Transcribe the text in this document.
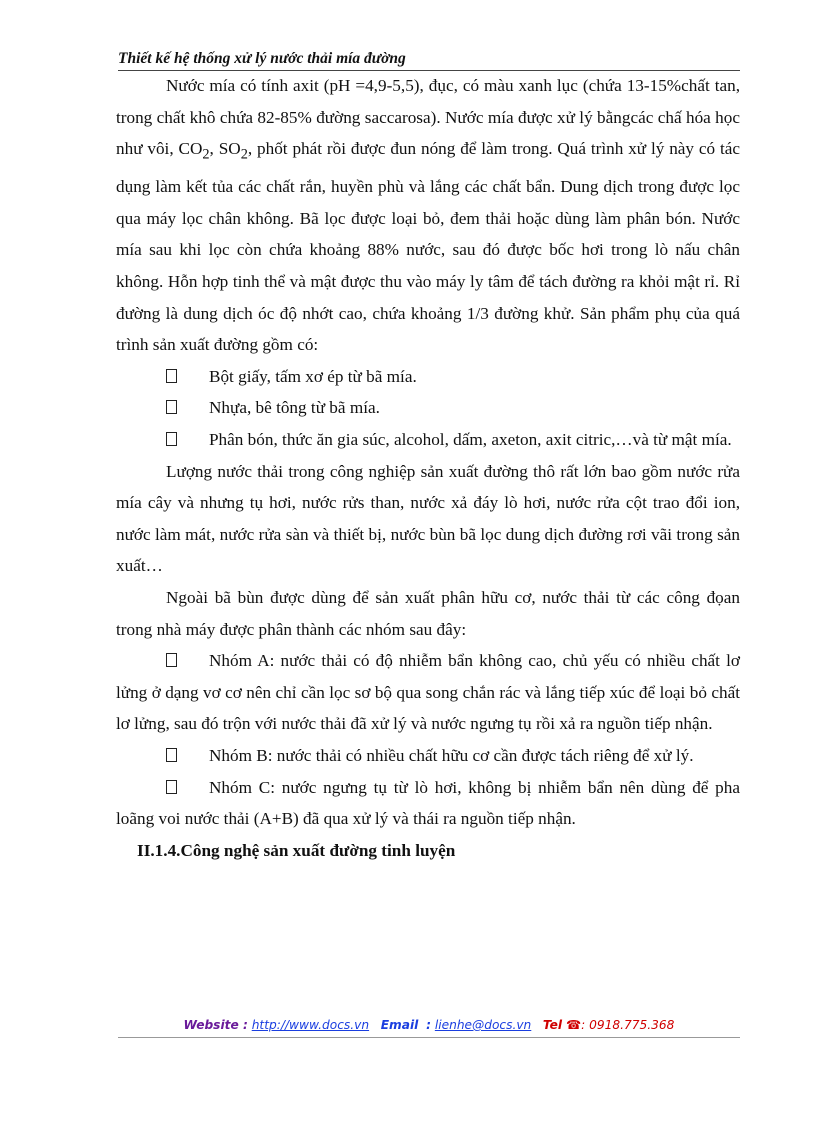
Thiết kế hệ thống xử lý nước thải mía đường

Nước mía có tính axit (pH =4,9-5,5), đục, có màu xanh lục (chứa 13-15%chất tan, trong chất khô chứa 82-85% đường saccarosa). Nước mía được xử lý bằngcác chấ hóa học như vôi, $CO_2$, $SO_2$, phốt phát rồi được đun nóng để làm trong. Quá trình xử lý này có tác dụng làm kết tủa các chất rắn, huyền phù và lắng các chất bẩn. Dung dịch trong được lọc qua máy lọc chân không. Bã lọc được loại bỏ, đem thải hoặc dùng làm phân bón. Nước mía sau khi lọc còn chứa khoảng 88% nước, sau đó được bốc hơi trong lò nấu chân không. Hỗn hợp tinh thể và mật được thu vào máy ly tâm để tách đường ra khỏi mật rỉ. Rỉ đường là dung dịch óc độ nhớt cao, chứa khoảng 1/3 đường khử. Sản phẩm phụ của quá trình sản xuất đường gồm có:

Bột giấy, tấm xơ ép từ bã mía.

Nhựa, bê tông từ bã mía.

Phân bón, thức ăn gia súc, alcohol, dấm, axeton, axit citric,…và từ mật mía.

Lượng nước thải trong công nghiệp sản xuất đường thô rất lớn bao gồm nước rửa mía cây và nhưng tụ hơi, nước rửs than, nước xả đáy lò hơi, nước rửa cột trao đổi ion, nước làm mát, nước rửa sàn và thiết bị, nước bùn bã lọc dung dịch đường rơi vãi trong sản xuất…

Ngoài bã bùn được dùng để sản xuất phân hữu cơ, nước thải từ các công đọan trong nhà máy được phân thành các nhóm sau đây:

Nhóm A: nước thải có độ nhiễm bẩn không cao, chủ yếu có nhiều chất lơ lửng ở dạng vơ cơ nên chỉ cần lọc sơ bộ qua song chắn rác và lắng tiếp xúc để loại bỏ chất lơ lửng, sau đó trộn với nước thải đã xử lý và nước ngưng tụ rồi xả ra nguồn tiếp nhận.

Nhóm B: nước thải có nhiều chất hữu cơ cần được tách riêng để xử lý.

Nhóm C: nước ngưng tụ từ lò hơi, không bị nhiễm bẩn nên dùng để pha loãng voi nước thải (A+B) đã qua xử lý và thái ra nguồn tiếp nhận.

II.1.4.Công nghệ sản xuất đường tinh luyện

Website : http://www.docs.vn Email : lienhe@docs.vn Tel ☎: 0918.775.368
